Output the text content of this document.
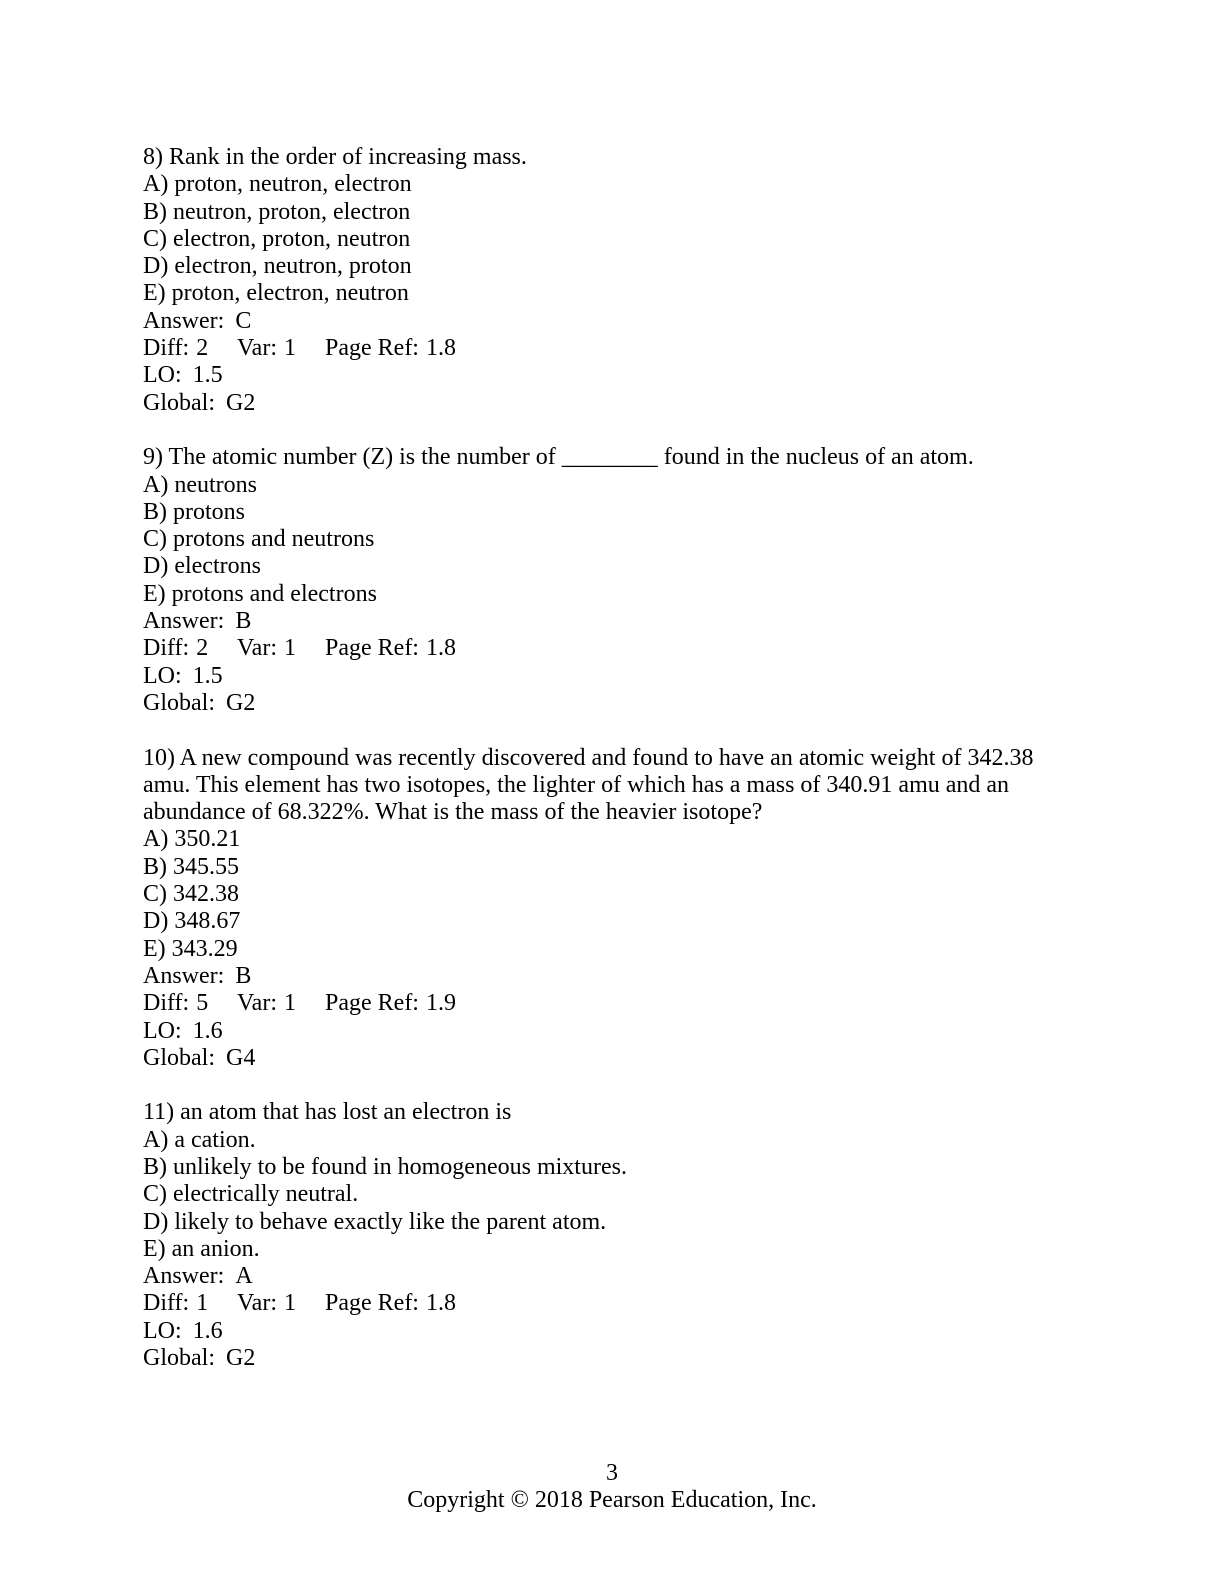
8) Rank in the order of increasing mass.
A) proton, neutron, electron
B) neutron, proton, electron
C) electron, proton, neutron
D) electron, neutron, proton
E) proton, electron, neutron
Answer: C
Diff: 2 Var: 1 Page Ref: 1.8
LO: 1.5
Global: G2
9) The atomic number (Z) is the number of ________ found in the nucleus of an atom.
A) neutrons
B) protons
C) protons and neutrons
D) electrons
E) protons and electrons
Answer: B
Diff: 2 Var: 1 Page Ref: 1.8
LO: 1.5
Global: G2
10) A new compound was recently discovered and found to have an atomic weight of 342.38 amu. This element has two isotopes, the lighter of which has a mass of 340.91 amu and an abundance of 68.322%. What is the mass of the heavier isotope?
A) 350.21
B) 345.55
C) 342.38
D) 348.67
E) 343.29
Answer: B
Diff: 5 Var: 1 Page Ref: 1.9
LO: 1.6
Global: G4
11) an atom that has lost an electron is
A) a cation.
B) unlikely to be found in homogeneous mixtures.
C) electrically neutral.
D) likely to behave exactly like the parent atom.
E) an anion.
Answer: A
Diff: 1 Var: 1 Page Ref: 1.8
LO: 1.6
Global: G2
3
Copyright © 2018 Pearson Education, Inc.
